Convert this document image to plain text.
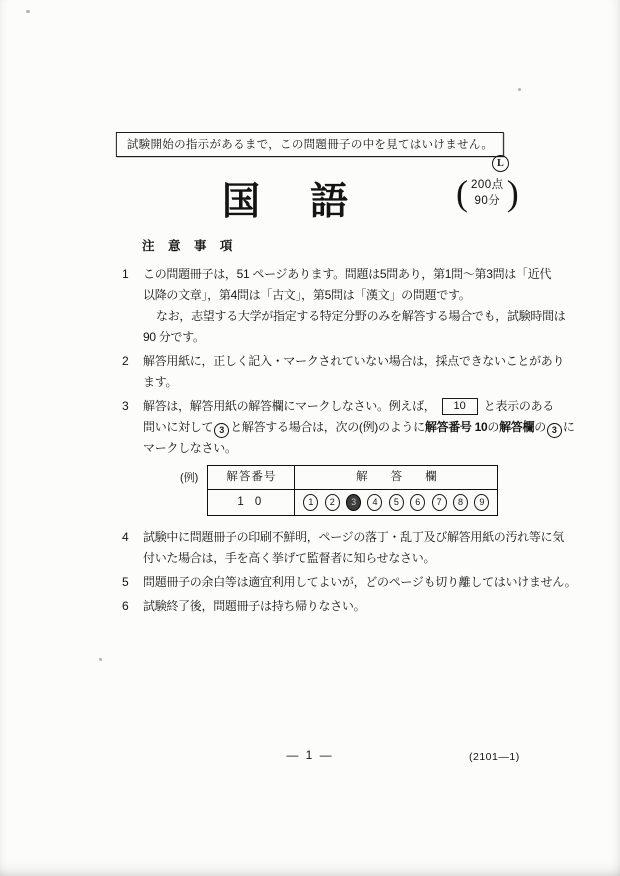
試験開始の指示があるまで，この問題冊子の中を見てはいけません。
L
国 語	( 200点
90分 )
注 意 事 項
1	この問題冊子は，51 ページあります。問題は5問あり，第1問～第3問は「近代
以降の文章」，第4問は「古文」，第5問は「漢文」の問題です。
なお，志望する大学が指定する特定分野のみを解答する場合でも，試験時間は
90 分です。
2	解答用紙に，正しく記入・マークされていない場合は，採点できないことがあり
ます。
3	解答は，解答用紙の解答欄にマークしなさい。例えば， 10 と表示のある
問いに対して 3 と解答する場合は，次の(例)のように解答番号 10の解答欄の 3 に
マークしなさい。
(例) 解答番号	解　　答　　欄
1 0	1	2	3	4	5	6	7	8	9
4	試験中に問題冊子の印刷不鮮明，ページの落丁・乱丁及び解答用紙の汚れ等に気
付いた場合は，手を高く挙げて監督者に知らせなさい。
5	問題冊子の余白等は適宜利用してよいが，どのページも切り離してはいけません。
6	試験終了後，問題冊子は持ち帰りなさい。
— 1 —	(2101—1)
